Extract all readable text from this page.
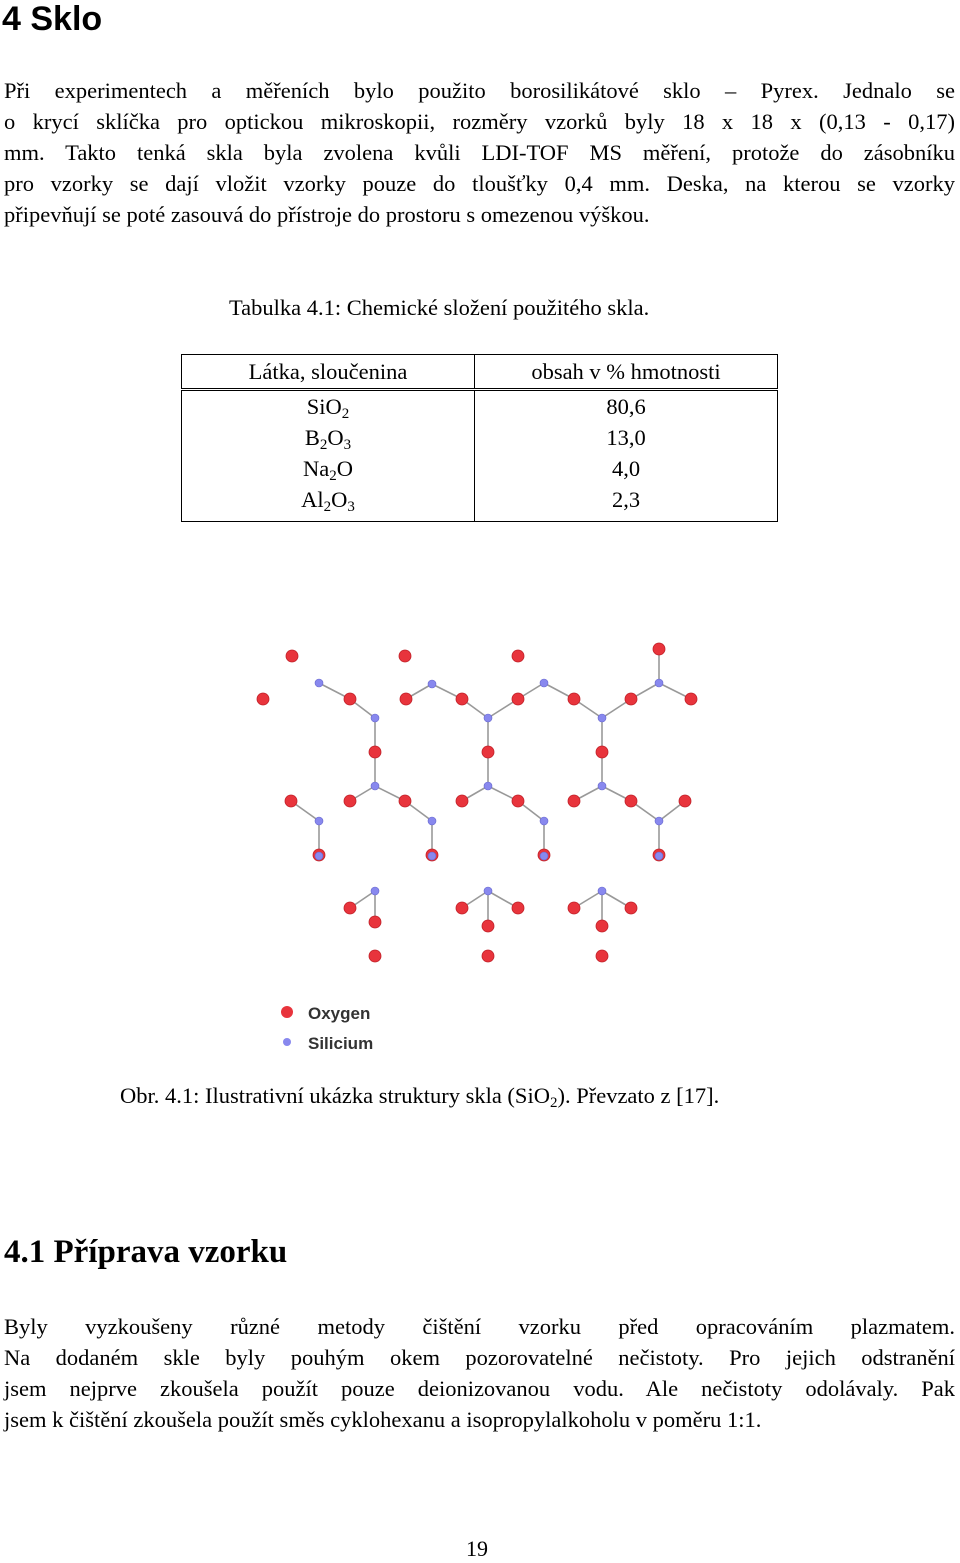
4 Sklo
Při experimentech a měřeních bylo použito borosilikátové sklo – Pyrex. Jednalo se
o krycí sklíčka pro optickou mikroskopii, rozměry vzorků byly 18 x 18 x (0,13 - 0,17)
mm. Takto tenká skla byla zvolena kvůli LDI-TOF MS měření, protože do zásobníku
pro vzorky se dají vložit vzorky pouze do tloušťky 0,4 mm. Deska, na kterou se vzorky
připevňují se poté zasouvá do přístroje do prostoru s omezenou výškou.
Tabulka 4.1: Chemické složení použitého skla.
Látka, sloučenina	obsah v % hmotnosti
SiO$_2$	80,6
$B_2O_3$	13,0
$Na_2O$	4,0
$Al_2O_3$	2,3
Oxygen
Silicium
Obr. 4.1: Ilustrativní ukázka struktury skla (SiO$_2$). Převzato z [17].
4.1 Příprava vzorku
Byly vyzkoušeny různé metody čištění vzorku před opracováním plazmatem.
Na dodaném skle byly pouhým okem pozorovatelné nečistoty. Pro jejich odstranění
jsem nejprve zkoušela použít pouze deionizovanou vodu. Ale nečistoty odolávaly. Pak
jsem k čištění zkoušela použít směs cyklohexanu a isopropylalkoholu v poměru 1:1.
19
